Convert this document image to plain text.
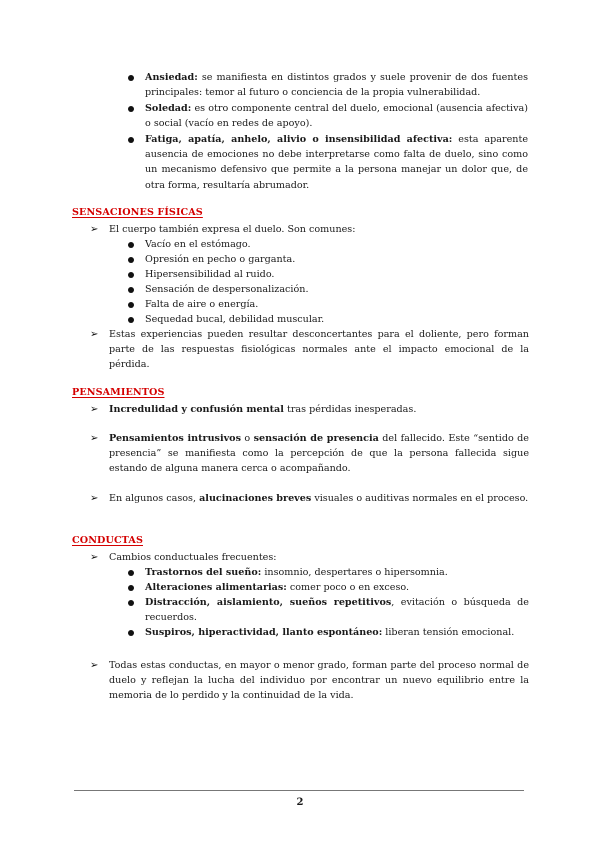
Ansiedad: se manifiesta en distintos grados y suele provenir de dos fuentes principales: temor al futuro o conciencia de la propia vulnerabilidad.
Soledad: es otro componente central del duelo, emocional (ausencia afectiva) o social (vacío en redes de apoyo).
Fatiga, apatía, anhelo, alivio o insensibilidad afectiva: esta aparente ausencia de emociones no debe interpretarse como falta de duelo, sino como un mecanismo defensivo que permite a la persona manejar un dolor que, de otra forma, resultaría abrumador.
SENSACIONES FÍSICAS
➢ El cuerpo también expresa el duelo. Son comunes:
Vacío en el estómago.
Opresión en pecho o garganta.
Hipersensibilidad al ruido.
Sensación de despersonalización.
Falta de aire o energía.
Sequedad bucal, debilidad muscular.
➢ Estas experiencias pueden resultar desconcertantes para el doliente, pero forman parte de las respuestas fisiológicas normales ante el impacto emocional de la pérdida.
PENSAMIENTOS
➢ Incredulidad y confusión mental tras pérdidas inesperadas.
➢ Pensamientos intrusivos o sensación de presencia del fallecido. Este “sentido de presencia” se manifiesta como la percepción de que la persona fallecida sigue estando de alguna manera cerca o acompañando.
➢ En algunos casos, alucinaciones breves visuales o auditivas normales en el proceso.
CONDUCTAS
➢ Cambios conductuales frecuentes:
Trastornos del sueño: insomnio, despertares o hipersomnia.
Alteraciones alimentarias: comer poco o en exceso.
Distracción, aislamiento, sueños repetitivos, evitación o búsqueda de recuerdos.
Suspiros, hiperactividad, llanto espontáneo: liberan tensión emocional.
➢ Todas estas conductas, en mayor o menor grado, forman parte del proceso normal de duelo y reflejan la lucha del individuo por encontrar un nuevo equilibrio entre la memoria de lo perdido y la continuidad de la vida.
2
